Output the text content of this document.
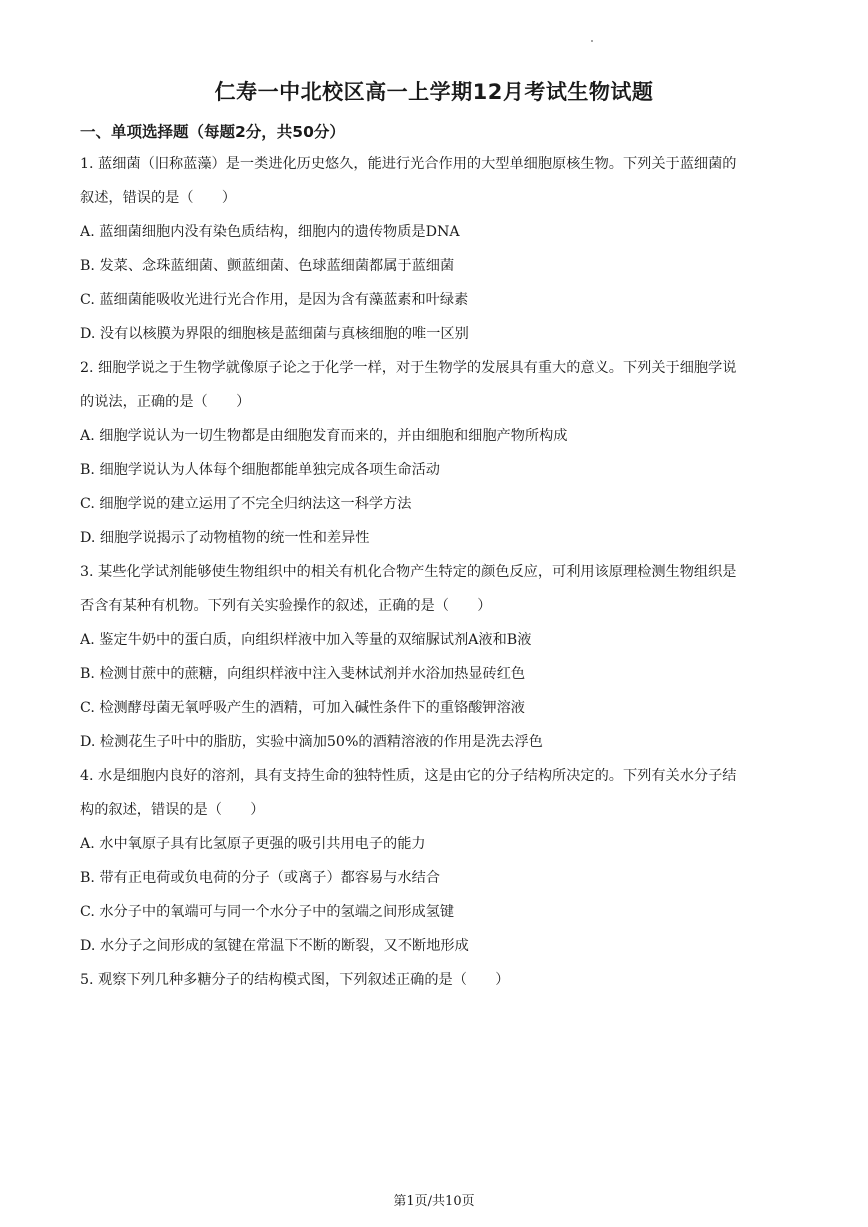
仁寿一中北校区高一上学期12月考试生物试题
一、单项选择题（每题2分，共50分）
1. 蓝细菌（旧称蓝藻）是一类进化历史悠久，能进行光合作用的大型单细胞原核生物。下列关于蓝细菌的
叙述，错误的是（　　）
A. 蓝细菌细胞内没有染色质结构，细胞内的遗传物质是DNA
B. 发菜、念珠蓝细菌、颤蓝细菌、色球蓝细菌都属于蓝细菌
C. 蓝细菌能吸收光进行光合作用，是因为含有藻蓝素和叶绿素
D. 没有以核膜为界限的细胞核是蓝细菌与真核细胞的唯一区别
2. 细胞学说之于生物学就像原子论之于化学一样，对于生物学的发展具有重大的意义。下列关于细胞学说
的说法，正确的是（　　）
A. 细胞学说认为一切生物都是由细胞发育而来的，并由细胞和细胞产物所构成
B. 细胞学说认为人体每个细胞都能单独完成各项生命活动
C. 细胞学说的建立运用了不完全归纳法这一科学方法
D. 细胞学说揭示了动物植物的统一性和差异性
3. 某些化学试剂能够使生物组织中的相关有机化合物产生特定的颜色反应，可利用该原理检测生物组织是
否含有某种有机物。下列有关实验操作的叙述，正确的是（　　）
A. 鉴定牛奶中的蛋白质，向组织样液中加入等量的双缩脲试剂A液和B液
B. 检测甘蔗中的蔗糖，向组织样液中注入斐林试剂并水浴加热显砖红色
C. 检测酵母菌无氧呼吸产生的酒精，可加入碱性条件下的重铬酸钾溶液
D. 检测花生子叶中的脂肪，实验中滴加50%的酒精溶液的作用是洗去浮色
4. 水是细胞内良好的溶剂，具有支持生命的独特性质，这是由它的分子结构所决定的。下列有关水分子结
构的叙述，错误的是（　　）
A. 水中氧原子具有比氢原子更强的吸引共用电子的能力
B. 带有正电荷或负电荷的分子（或离子）都容易与水结合
C. 水分子中的氧端可与同一个水分子中的氢端之间形成氢键
D. 水分子之间形成的氢键在常温下不断的断裂，又不断地形成
5. 观察下列几种多糖分子的结构模式图，下列叙述正确的是（　　）
第1页/共10页
